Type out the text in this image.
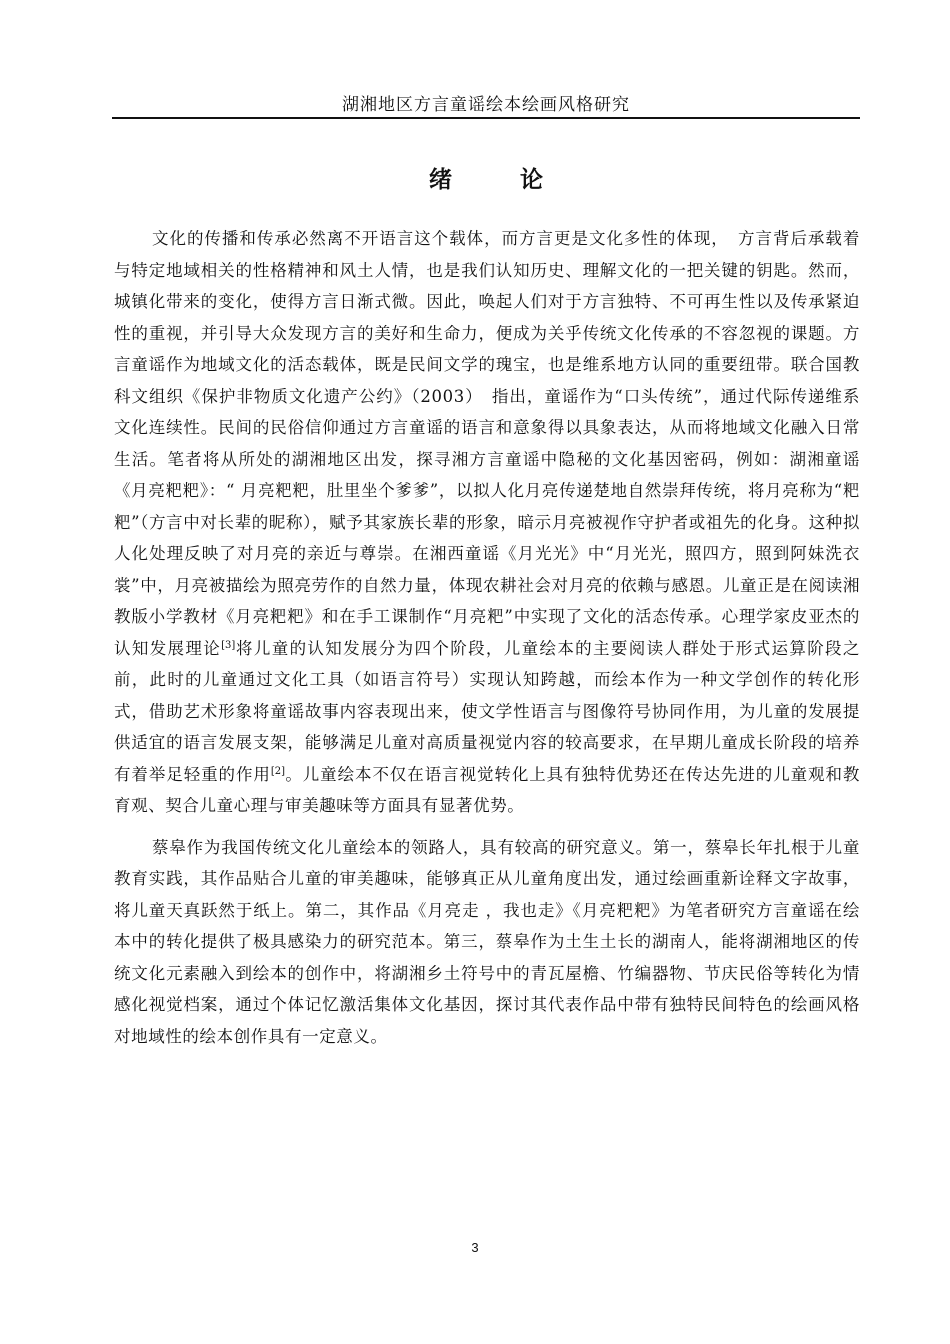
湖湘地区方言童谣绘本绘画风格研究
绪 论

文化的传播和传承必然离不开语言这个载体，而方言更是文化多性的体现，　方言背后承载着与特定地域相关的性格精神和风土人情，也是我们认知历史、理解文化的一把关键的钥匙。然而，城镇化带来的变化，使得方言日渐式微。因此，唤起人们对于方言独特、不可再生性以及传承紧迫性的重视，并引导大众发现方言的美好和生命力，便成为关乎传统文化传承的不容忽视的课题。方言童谣作为地域文化的活态载体，既是民间文学的瑰宝，也是维系地方认同的重要纽带。联合国教科文组织《保护非物质文化遗产公约》（2003）　指出，童谣作为“口头传统”，通过代际传递维系文化连续性。民间的民俗信仰通过方言童谣的语言和意象得以具象表达，从而将地域文化融入日常生活。笔者将从所处的湖湘地区出发，探寻湘方言童谣中隐秘的文化基因密码，例如：湖湘童谣《月亮粑粑》：“ 月亮粑粑，肚里坐个爹爹”，以拟人化月亮传递楚地自然崇拜传统，将月亮称为“粑粑”（方言中对长辈的昵称），赋予其家族长辈的形象，暗示月亮被视作守护者或祖先的化身。这种拟人化处理反映了对月亮的亲近与尊崇。在湘西童谣《月光光》中“月光光，照四方，照到阿妹洗衣裳”中，月亮被描绘为照亮劳作的自然力量，体现农耕社会对月亮的依赖与感恩。儿童正是在阅读湘教版小学教材《月亮粑粑》和在手工课制作“月亮粑”中实现了文化的活态传承。心理学家皮亚杰的认知发展理论[3]将儿童的认知发展分为四个阶段，儿童绘本的主要阅读人群处于形式运算阶段之前，此时的儿童通过文化工具（如语言符号）实现认知跨越，而绘本作为一种文学创作的转化形式，借助艺术形象将童谣故事内容表现出来，使文学性语言与图像符号协同作用，为儿童的发展提供适宜的语言发展支架，能够满足儿童对高质量视觉内容的较高要求，在早期儿童成长阶段的培养有着举足轻重的作用[2]。儿童绘本不仅在语言视觉转化上具有独特优势还在传达先进的儿童观和教育观、契合儿童心理与审美趣味等方面具有显著优势。

蔡皋作为我国传统文化儿童绘本的领路人，具有较高的研究意义。第一，蔡皋长年扎根于儿童教育实践，其作品贴合儿童的审美趣味，能够真正从儿童角度出发，通过绘画重新诠释文字故事，将儿童天真跃然于纸上。第二，其作品《月亮走 ，我也走》《月亮粑粑》为笔者研究方言童谣在绘本中的转化提供了极具感染力的研究范本。第三，蔡皋作为土生土长的湖南人，能将湖湘地区的传统文化元素融入到绘本的创作中，将湖湘乡土符号中的青瓦屋檐、竹编器物、节庆民俗等转化为情感化视觉档案，通过个体记忆激活集体文化基因，探讨其代表作品中带有独特民间特色的绘画风格对地域性的绘本创作具有一定意义。

3
